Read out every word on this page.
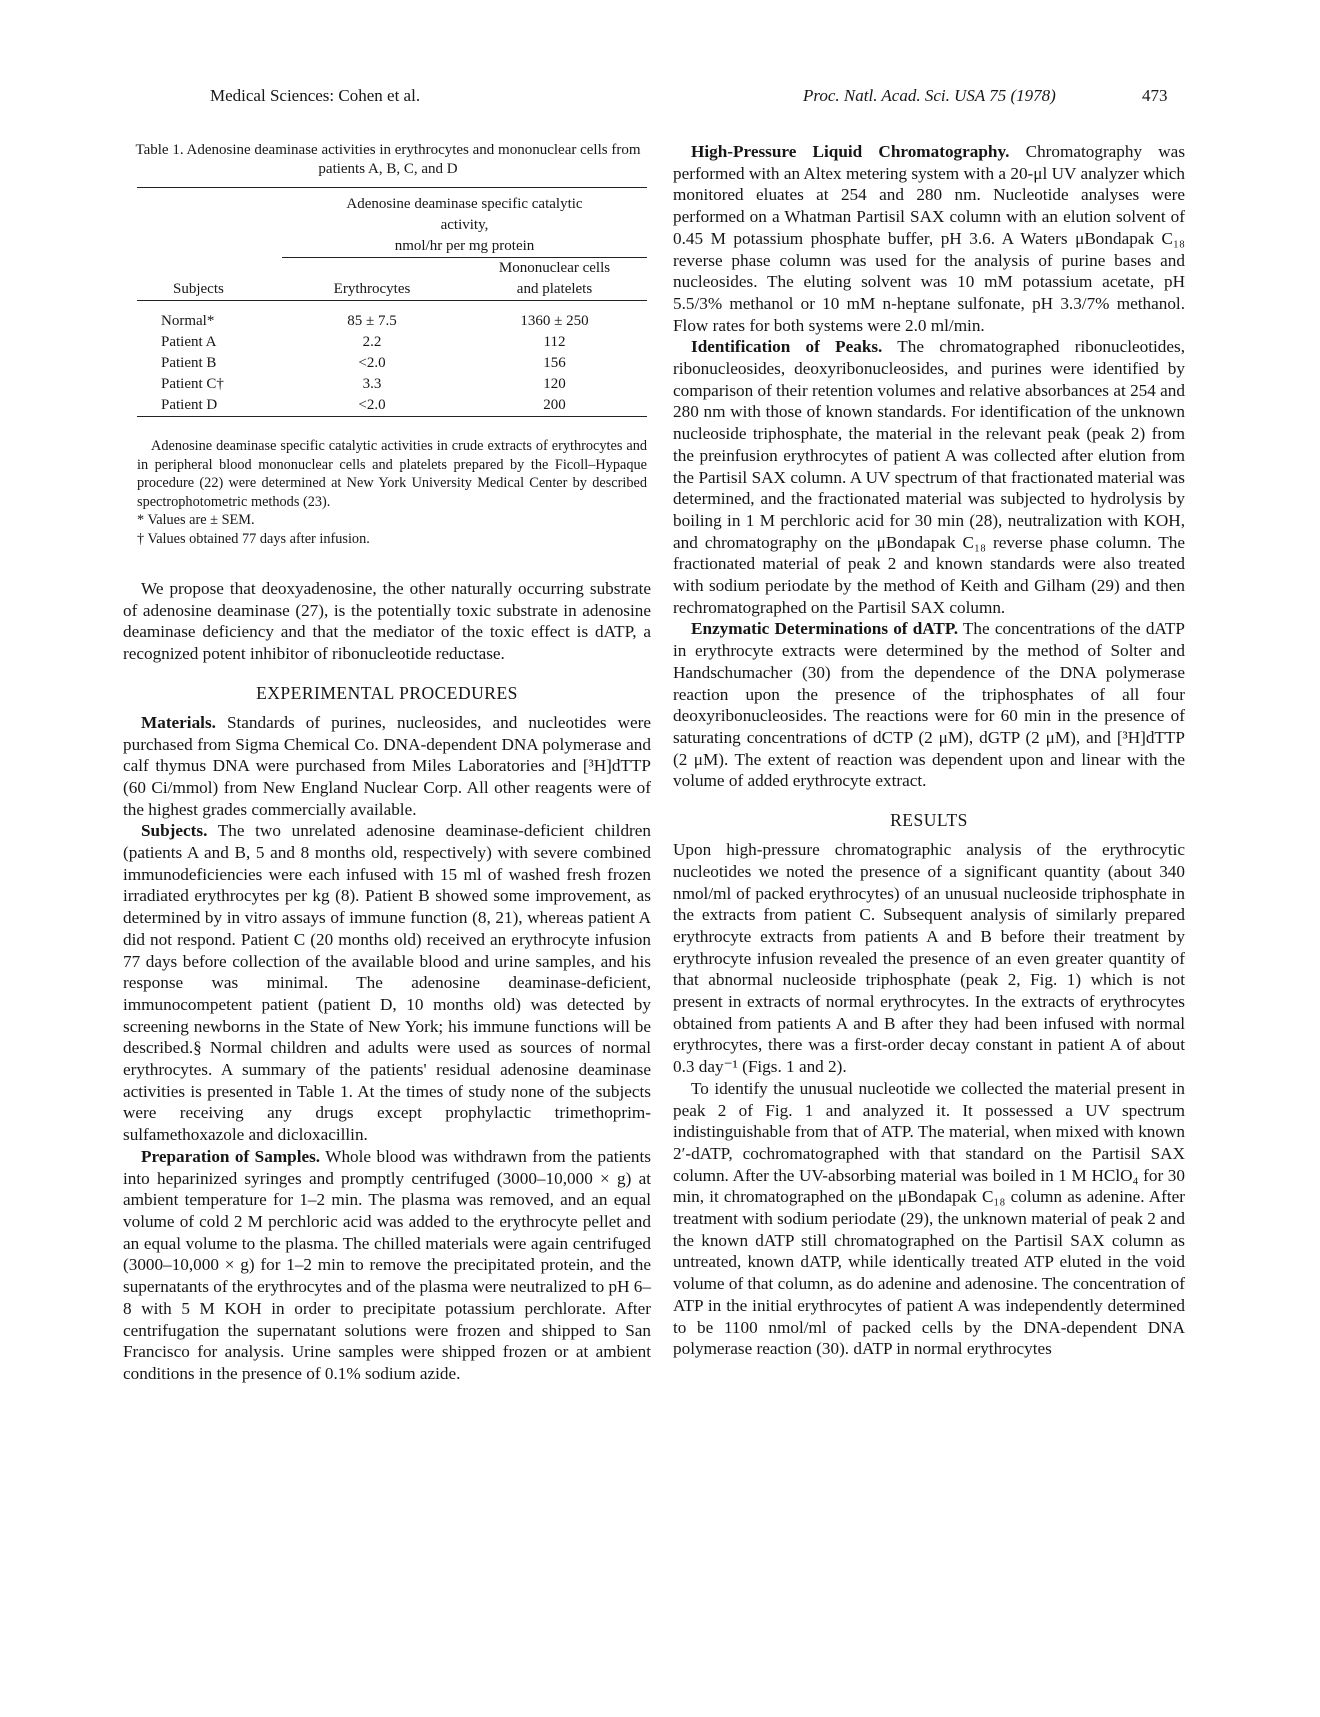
Medical Sciences: Cohen et al.	Proc. Natl. Acad. Sci. USA 75 (1978)	473
Table 1. Adenosine deaminase activities in erythrocytes and mononuclear cells from patients A, B, C, and D

	Adenosine deaminase specific catalytic
activity,
nmol/hr per mg protein	

Subjects	Erythrocytes	Mononuclear cells
and platelets

Normal*	85 ± 7.5	1360 ± 250
Patient A	2.2	112
Patient B	<2.0	156
Patient C†	3.3	120
Patient D	<2.0	200

Adenosine deaminase specific catalytic activities in crude extracts of erythrocytes and in peripheral blood mononuclear cells and platelets prepared by the Ficoll–Hypaque procedure (22) were determined at New York University Medical Center by described spectrophotometric methods (23).

* Values are ± SEM.
† Values obtained 77 days after infusion.

We propose that deoxyadenosine, the other naturally occurring substrate of adenosine deaminase (27), is the potentially toxic substrate in adenosine deaminase deficiency and that the mediator of the toxic effect is dATP, a recognized potent inhibitor of ribonucleotide reductase.

EXPERIMENTAL PROCEDURES

Materials. Standards of purines, nucleosides, and nucleotides were purchased from Sigma Chemical Co. DNA-dependent DNA polymerase and calf thymus DNA were purchased from Miles Laboratories and [³H]dTTP (60 Ci/mmol) from New England Nuclear Corp. All other reagents were of the highest grades commercially available.

Subjects. The two unrelated adenosine deaminase-deficient children (patients A and B, 5 and 8 months old, respectively) with severe combined immunodeficiencies were each infused with 15 ml of washed fresh frozen irradiated erythrocytes per kg (8). Patient B showed some improvement, as determined by in vitro assays of immune function (8, 21), whereas patient A did not respond. Patient C (20 months old) received an erythrocyte infusion 77 days before collection of the available blood and urine samples, and his response was minimal. The adenosine deaminase-deficient, immunocompetent patient (patient D, 10 months old) was detected by screening newborns in the State of New York; his immune functions will be described.§ Normal children and adults were used as sources of normal erythrocytes. A summary of the patients' residual adenosine deaminase activities is presented in Table 1. At the times of study none of the subjects were receiving any drugs except prophylactic trimethoprim-sulfamethoxazole and dicloxacillin.

Preparation of Samples. Whole blood was withdrawn from the patients into heparinized syringes and promptly centrifuged (3000–10,000 × g) at ambient temperature for 1–2 min. The plasma was removed, and an equal volume of cold 2 M perchloric acid was added to the erythrocyte pellet and an equal volume to the plasma. The chilled materials were again centrifuged (3000–10,000 × g) for 1–2 min to remove the precipitated protein, and the supernatants of the erythrocytes and of the plasma were neutralized to pH 6–8 with 5 M KOH in order to precipitate potassium perchlorate. After centrifugation the supernatant solutions were frozen and shipped to San Francisco for analysis. Urine samples were shipped frozen or at ambient conditions in the presence of 0.1% sodium azide.

High-Pressure Liquid Chromatography. Chromatography was performed with an Altex metering system with a 20-μl UV analyzer which monitored eluates at 254 and 280 nm. Nucleotide analyses were performed on a Whatman Partisil SAX column with an elution solvent of 0.45 M potassium phosphate buffer, pH 3.6. A Waters μBondapak C₁₈ reverse phase column was used for the analysis of purine bases and nucleosides. The eluting solvent was 10 mM potassium acetate, pH 5.5/3% methanol or 10 mM n-heptane sulfonate, pH 3.3/7% methanol. Flow rates for both systems were 2.0 ml/min.

Identification of Peaks. The chromatographed ribonucleotides, ribonucleosides, deoxyribonucleosides, and purines were identified by comparison of their retention volumes and relative absorbances at 254 and 280 nm with those of known standards. For identification of the unknown nucleoside triphosphate, the material in the relevant peak (peak 2) from the preinfusion erythrocytes of patient A was collected after elution from the Partisil SAX column. A UV spectrum of that fractionated material was determined, and the fractionated material was subjected to hydrolysis by boiling in 1 M perchloric acid for 30 min (28), neutralization with KOH, and chromatography on the μBondapak C₁₈ reverse phase column. The fractionated material of peak 2 and known standards were also treated with sodium periodate by the method of Keith and Gilham (29) and then rechromatographed on the Partisil SAX column.

Enzymatic Determinations of dATP. The concentrations of the dATP in erythrocyte extracts were determined by the method of Solter and Handschumacher (30) from the dependence of the DNA polymerase reaction upon the presence of the triphosphates of all four deoxyribonucleosides. The reactions were for 60 min in the presence of saturating concentrations of dCTP (2 μM), dGTP (2 μM), and [³H]dTTP (2 μM). The extent of reaction was dependent upon and linear with the volume of added erythrocyte extract.

RESULTS

Upon high-pressure chromatographic analysis of the erythrocytic nucleotides we noted the presence of a significant quantity (about 340 nmol/ml of packed erythrocytes) of an unusual nucleoside triphosphate in the extracts from patient C. Subsequent analysis of similarly prepared erythrocyte extracts from patients A and B before their treatment by erythrocyte infusion revealed the presence of an even greater quantity of that abnormal nucleoside triphosphate (peak 2, Fig. 1) which is not present in extracts of normal erythrocytes. In the extracts of erythrocytes obtained from patients A and B after they had been infused with normal erythrocytes, there was a first-order decay constant in patient A of about 0.3 day⁻¹ (Figs. 1 and 2).

To identify the unusual nucleotide we collected the material present in peak 2 of Fig. 1 and analyzed it. It possessed a UV spectrum indistinguishable from that of ATP. The material, when mixed with known 2′-dATP, cochromatographed with that standard on the Partisil SAX column. After the UV-absorbing material was boiled in 1 M HClO₄ for 30 min, it chromatographed on the μBondapak C₁₈ column as adenine. After treatment with sodium periodate (29), the unknown material of peak 2 and the known dATP still chromatographed on the Partisil SAX column as untreated, known dATP, while identically treated ATP eluted in the void volume of that column, as do adenine and adenosine. The concentration of ATP in the initial erythrocytes of patient A was independently determined to be 1100 nmol/ml of packed cells by the DNA-dependent DNA polymerase reaction (30). dATP in normal erythrocytes
